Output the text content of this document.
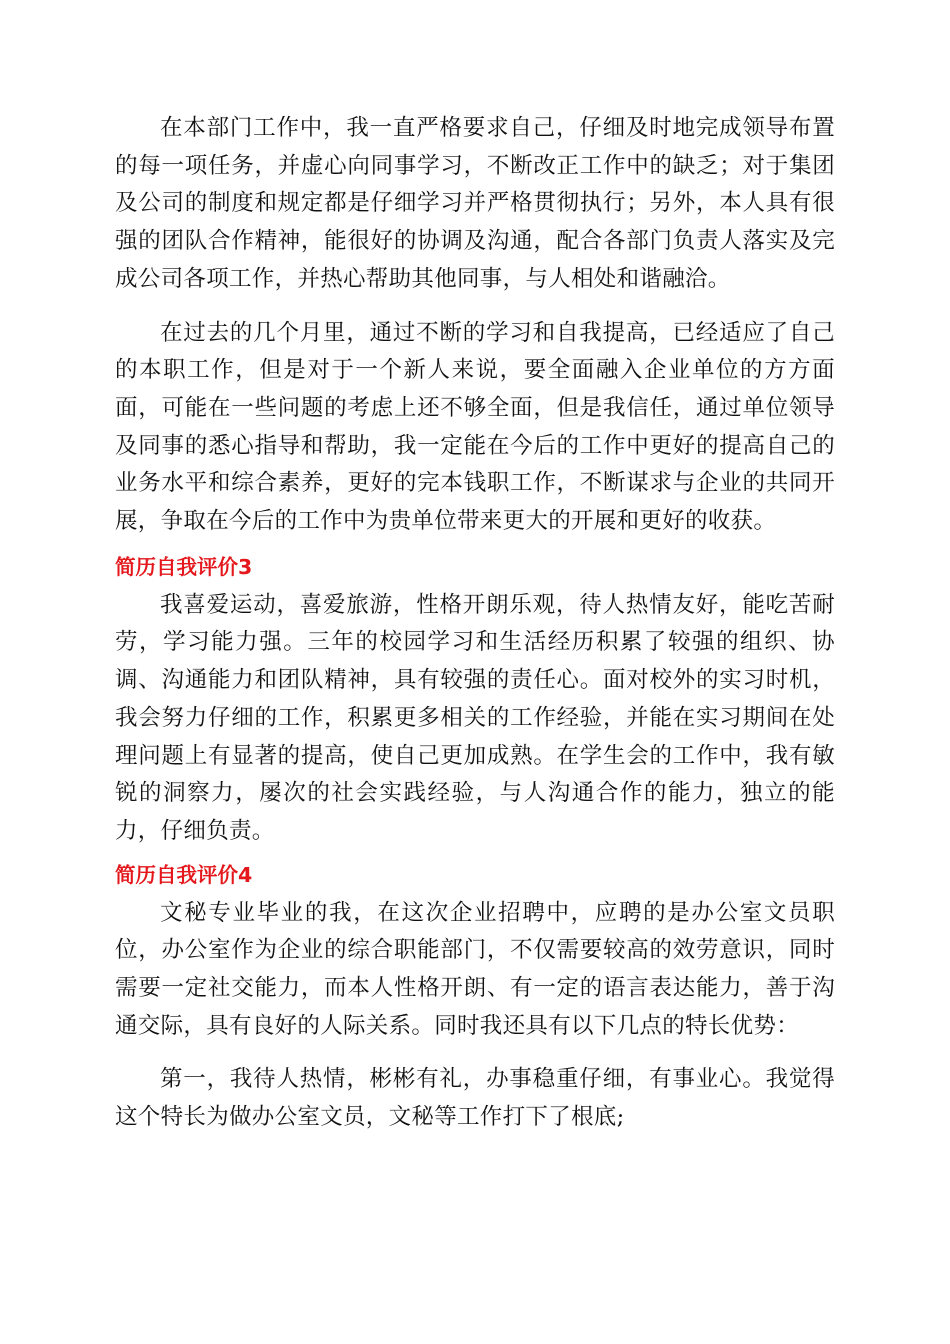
在本部门工作中，我一直严格要求自己，仔细及时地完成领导布置的每一项任务，并虚心向同事学习，不断改正工作中的缺乏；对于集团及公司的制度和规定都是仔细学习并严格贯彻执行；另外，本人具有很强的团队合作精神，能很好的协调及沟通，配合各部门负责人落实及完成公司各项工作，并热心帮助其他同事，与人相处和谐融洽。

在过去的几个月里，通过不断的学习和自我提高，已经适应了自己的本职工作，但是对于一个新人来说，要全面融入企业单位的方方面面，可能在一些问题的考虑上还不够全面，但是我信任，通过单位领导及同事的悉心指导和帮助，我一定能在今后的工作中更好的提高自己的业务水平和综合素养，更好的完本钱职工作，不断谋求与企业的共同开展，争取在今后的工作中为贵单位带来更大的开展和更好的收获。

简历自我评价3

我喜爱运动，喜爱旅游，性格开朗乐观，待人热情友好，能吃苦耐劳，学习能力强。三年的校园学习和生活经历积累了较强的组织、协调、沟通能力和团队精神，具有较强的责任心。面对校外的实习时机，我会努力仔细的工作，积累更多相关的工作经验，并能在实习期间在处理问题上有显著的提高，使自己更加成熟。在学生会的工作中，我有敏锐的洞察力，屡次的社会实践经验，与人沟通合作的能力，独立的能力，仔细负责。

简历自我评价4

文秘专业毕业的我，在这次企业招聘中，应聘的是办公室文员职位，办公室作为企业的综合职能部门，不仅需要较高的效劳意识，同时需要一定社交能力，而本人性格开朗、有一定的语言表达能力，善于沟通交际，具有良好的人际关系。同时我还具有以下几点的特长优势：

第一，我待人热情，彬彬有礼，办事稳重仔细，有事业心。我觉得这个特长为做办公室文员，文秘等工作打下了根底;
